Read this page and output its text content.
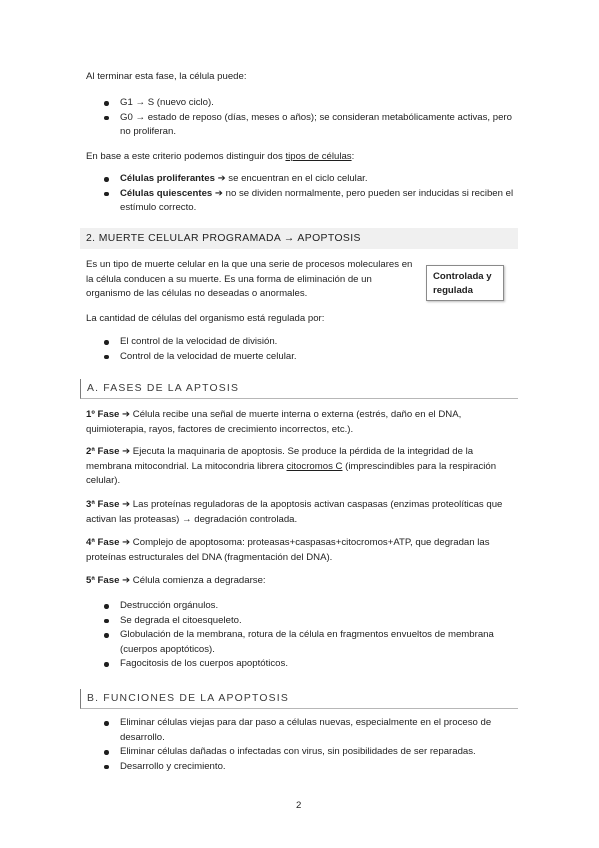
Al terminar esta fase, la célula puede:

G1 → S (nuevo ciclo).
G0 → estado de reposo (días, meses o años); se consideran metabólicamente activas, pero no proliferan.

En base a este criterio podemos distinguir dos tipos de células:

Células proliferantes ➔ se encuentran en el ciclo celular.
Células quiescentes ➔ no se dividen normalmente, pero pueden ser inducidas si reciben el estímulo correcto.
2. MUERTE CELULAR PROGRAMADA → APOPTOSIS

Es un tipo de muerte celular en la que una serie de procesos moleculares en la célula conducen a su muerte. Es una forma de eliminación de un organismo de las células no deseadas o anormales.

Controlada y regulada

La cantidad de células del organismo está regulada por:

El control de la velocidad de división.
Control de la velocidad de muerte celular.
A. FASES DE LA APTOSIS

1º Fase ➔ Célula recibe una señal de muerte interna o externa (estrés, daño en el DNA, quimioterapia, rayos, factores de crecimiento incorrectos, etc.).

2ª Fase ➔ Ejecuta la maquinaria de apoptosis. Se produce la pérdida de la integridad de la membrana mitocondrial. La mitocondria librera citocromos C (imprescindibles para la respiración celular).

3ª Fase ➔ Las proteínas reguladoras de la apoptosis activan caspasas (enzimas proteolíticas que activan las proteasas) → degradación controlada.

4ª Fase ➔ Complejo de apoptosoma: proteasas+caspasas+citocromos+ATP, que degradan las proteínas estructurales del DNA (fragmentación del DNA).

5ª Fase ➔ Célula comienza a degradarse:

Destrucción orgánulos.
Se degrada el citoesqueleto.
Globulación de la membrana, rotura de la célula en fragmentos envueltos de membrana (cuerpos apoptóticos).
Fagocitosis de los cuerpos apoptóticos.
B. FUNCIONES DE LA APOPTOSIS
Eliminar células viejas para dar paso a células nuevas, especialmente en el proceso de desarrollo.
Eliminar células dañadas o infectadas con virus, sin posibilidades de ser reparadas.
Desarrollo y crecimiento.
2
